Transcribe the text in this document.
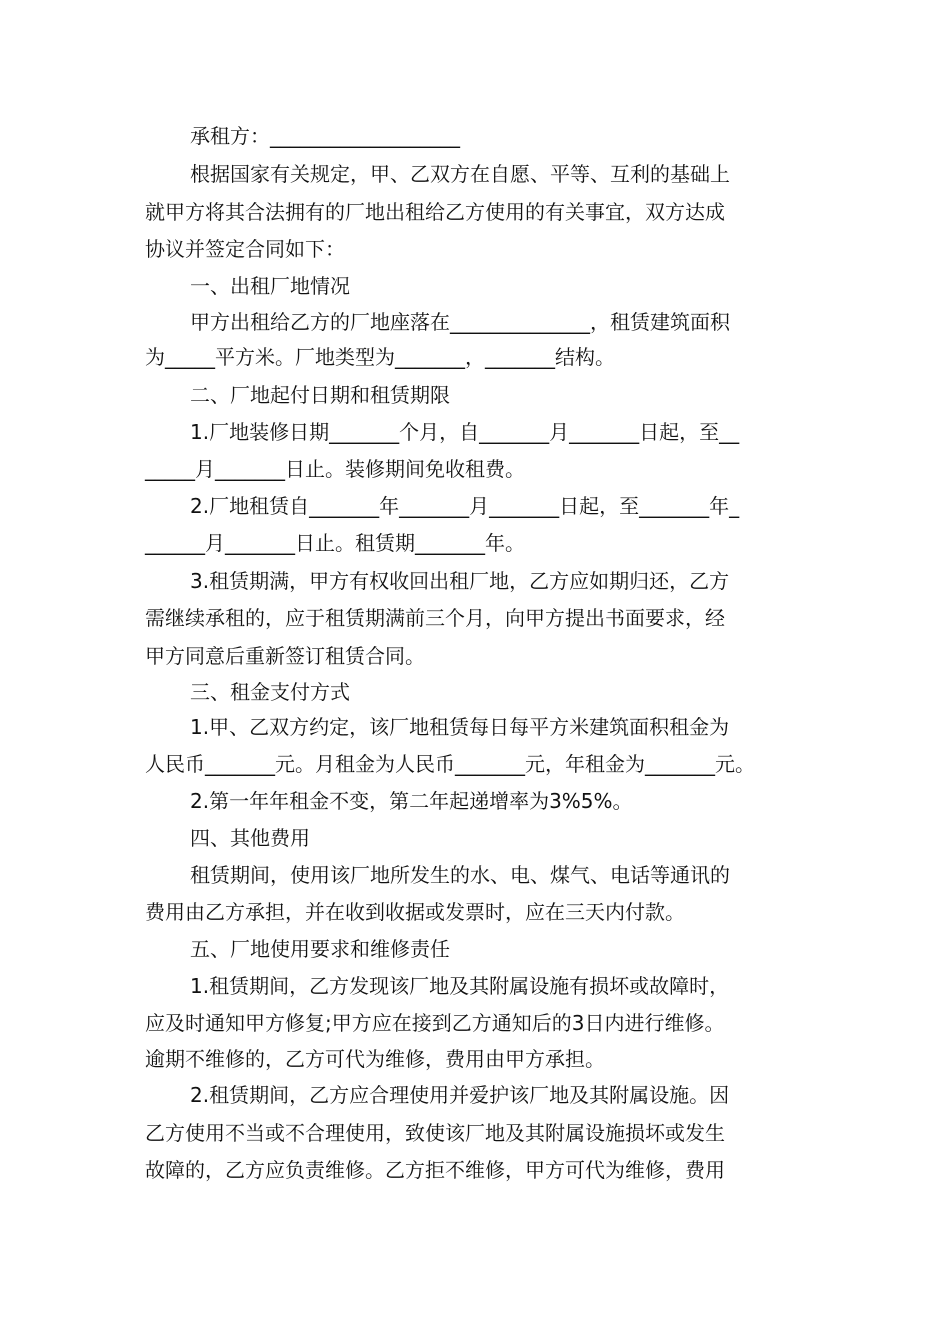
承租方：___________________
根据国家有关规定，甲、乙双方在自愿、平等、互利的基础上
就甲方将其合法拥有的厂地出租给乙方使用的有关事宜，双方达成
协议并签定合同如下：
一、出租厂地情况
甲方出租给乙方的厂地座落在______________，租赁建筑面积
为_____平方米。厂地类型为_______，_______结构。
二、厂地起付日期和租赁期限
1.厂地装修日期_______个月，自_______月_______日起，至__
_____月_______日止。装修期间免收租费。
2.厂地租赁自_______年_______月_______日起，至_______年_
______月_______日止。租赁期_______年。
3.租赁期满，甲方有权收回出租厂地，乙方应如期归还，乙方
需继续承租的，应于租赁期满前三个月，向甲方提出书面要求，经
甲方同意后重新签订租赁合同。
三、租金支付方式
1.甲、乙双方约定，该厂地租赁每日每平方米建筑面积租金为
人民币_______元。月租金为人民币_______元，年租金为_______元。
2.第一年年租金不变，第二年起递增率为3%5%。
四、其他费用
租赁期间，使用该厂地所发生的水、电、煤气、电话等通讯的
费用由乙方承担，并在收到收据或发票时，应在三天内付款。
五、厂地使用要求和维修责任
1.租赁期间，乙方发现该厂地及其附属设施有损坏或故障时，
应及时通知甲方修复;甲方应在接到乙方通知后的3日内进行维修。
逾期不维修的，乙方可代为维修，费用由甲方承担。
2.租赁期间，乙方应合理使用并爱护该厂地及其附属设施。因
乙方使用不当或不合理使用，致使该厂地及其附属设施损坏或发生
故障的，乙方应负责维修。乙方拒不维修，甲方可代为维修，费用
